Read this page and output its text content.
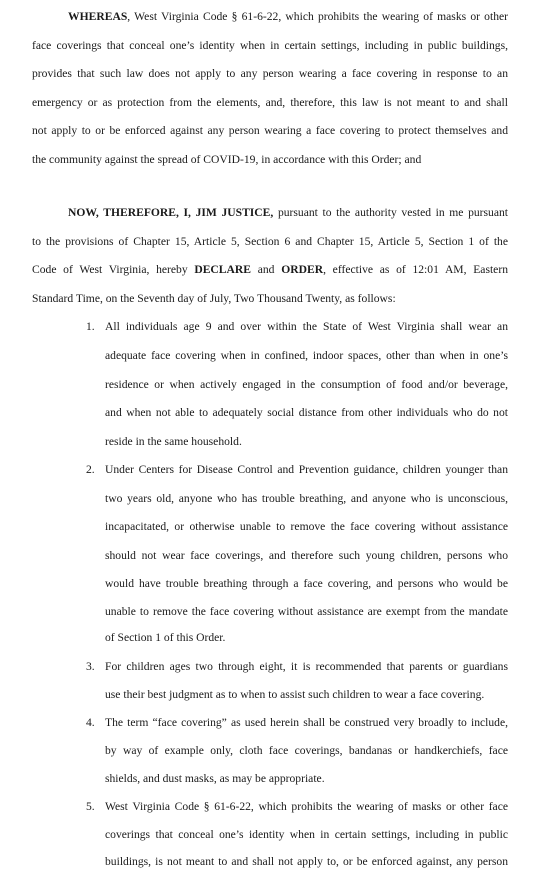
WHEREAS, West Virginia Code § 61-6-22, which prohibits the wearing of masks or other
face coverings that conceal one’s identity when in certain settings, including in public buildings,
provides that such law does not apply to any person wearing a face covering in response to an
emergency or as protection from the elements, and, therefore, this law is not meant to and shall
not apply to or be enforced against any person wearing a face covering to protect themselves and
the community against the spread of COVID-19, in accordance with this Order; and
NOW, THEREFORE, I, JIM JUSTICE, pursuant to the authority vested in me pursuant
to the provisions of Chapter 15, Article 5, Section 6 and Chapter 15, Article 5, Section 1 of the
Code of West Virginia, hereby DECLARE and ORDER, effective as of 12:01 AM, Eastern
Standard Time, on the Seventh day of July, Two Thousand Twenty, as follows:
1. All individuals age 9 and over within the State of West Virginia shall wear an
adequate face covering when in confined, indoor spaces, other than when in one’s
residence or when actively engaged in the consumption of food and/or beverage,
and when not able to adequately social distance from other individuals who do not
reside in the same household.
2. Under Centers for Disease Control and Prevention guidance, children younger than
two years old, anyone who has trouble breathing, and anyone who is unconscious,
incapacitated, or otherwise unable to remove the face covering without assistance
should not wear face coverings, and therefore such young children, persons who
would have trouble breathing through a face covering, and persons who would be
unable to remove the face covering without assistance are exempt from the mandate
of Section 1 of this Order.
3. For children ages two through eight, it is recommended that parents or guardians
use their best judgment as to when to assist such children to wear a face covering.
4. The term “face covering” as used herein shall be construed very broadly to include,
by way of example only, cloth face coverings, bandanas or handkerchiefs, face
shields, and dust masks, as may be appropriate.
5. West Virginia Code § 61-6-22, which prohibits the wearing of masks or other face
coverings that conceal one’s identity when in certain settings, including in public
buildings, is not meant to and shall not apply to, or be enforced against, any person
